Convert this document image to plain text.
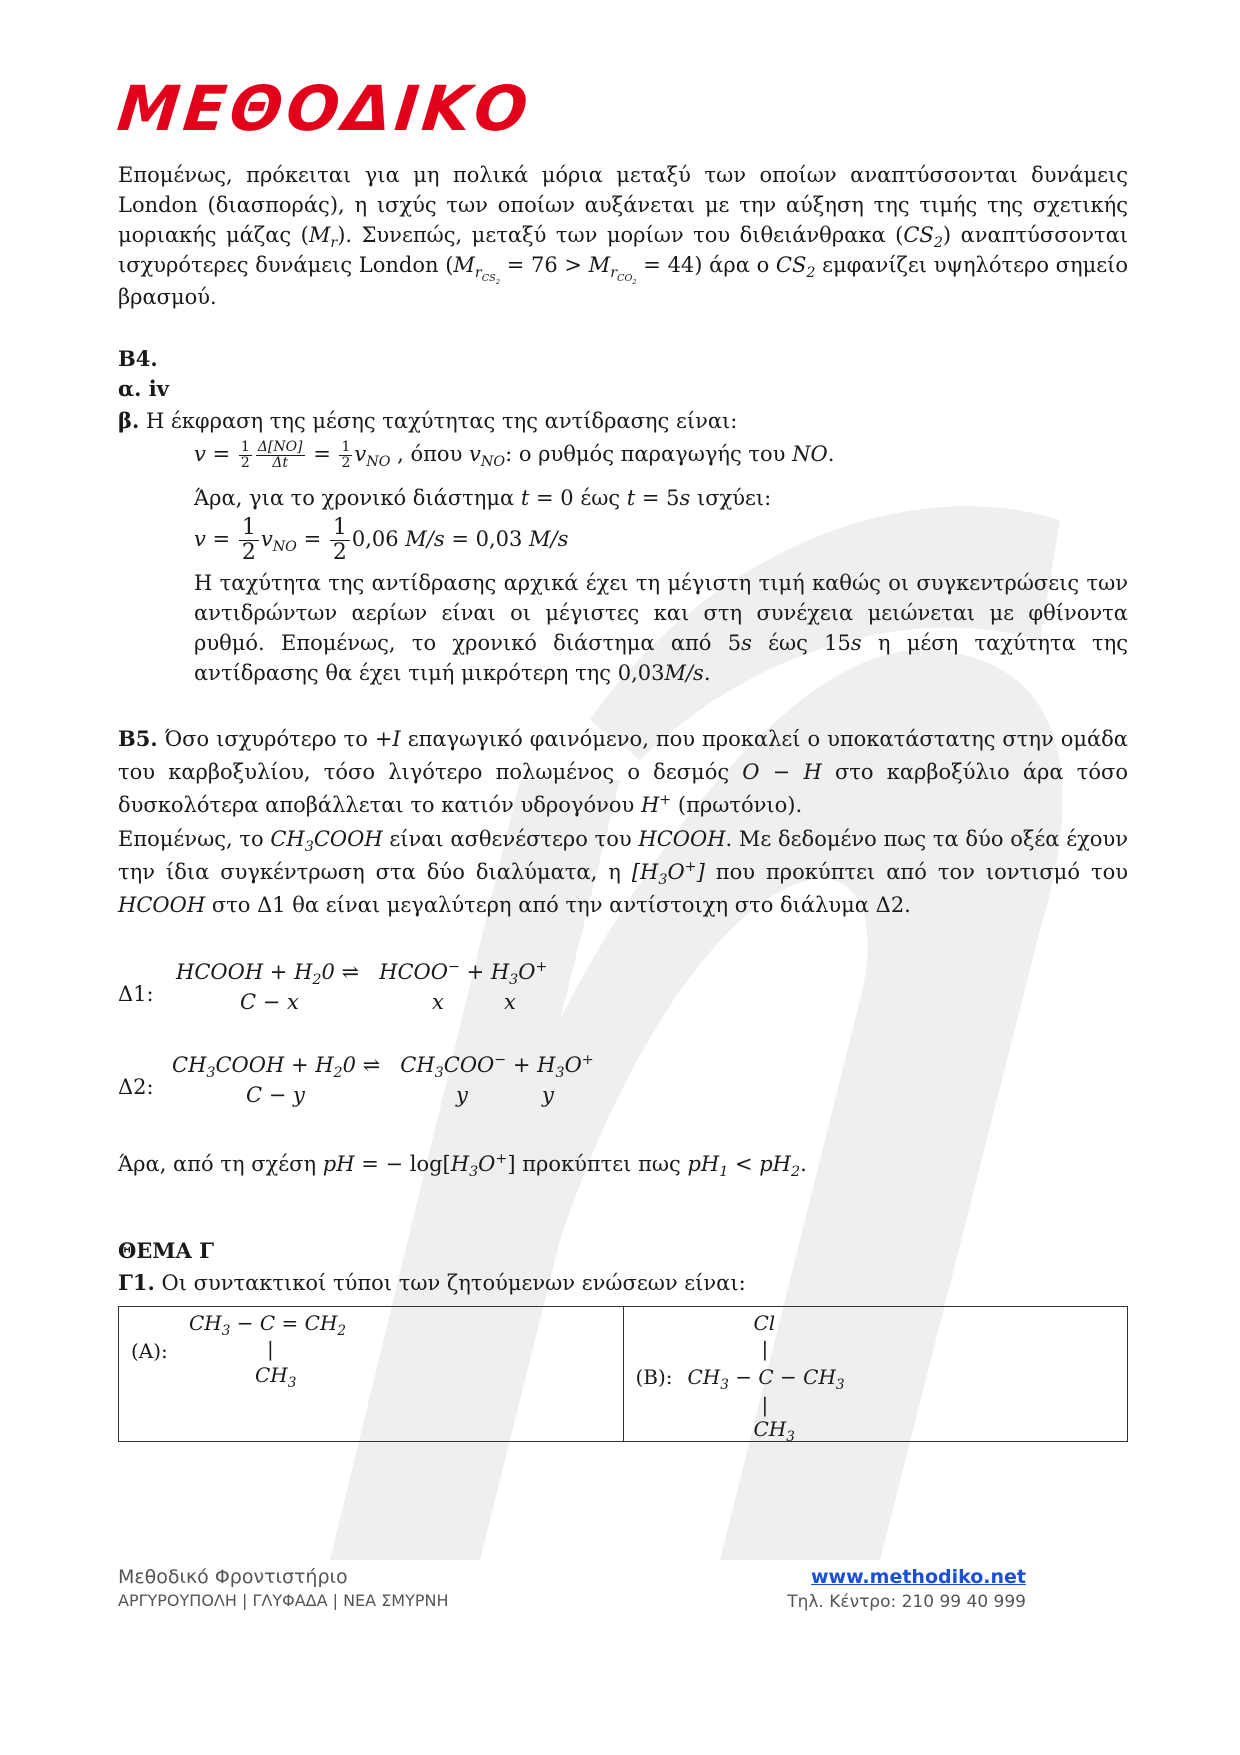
ΜΕΘΟΔΙΚΟ

Επομένως, πρόκειται για μη πολικά μόρια μεταξύ των οποίων αναπτύσσονται δυνάμεις London (διασποράς), η ισχύς των οποίων αυξάνεται με την αύξηση της τιμής της σχετικής μοριακής μάζας $(M_r)$. Συνεπώς, μεταξύ των μορίων του διθειάνθρακα $(CS_2)$ αναπτύσσονται ισχυρότερες δυνάμεις London $(M_{r_{CS_2}} = 76 > M_{r_{CO_2}} = 44)$ άρα ο $CS_2$ εμφανίζει υψηλότερο σημείο βρασμού.

Β4.
α. iv
β. Η έκφραση της μέσης ταχύτητας της αντίδρασης είναι:
$v = \frac{1}{2} \frac{\Delta[NO]}{\Delta t} = \frac{1}{2} v_{NO}$ , όπου $v_{NO}$: ο ρυθμός παραγωγής του NO.
Άρα, για το χρονικό διάστημα t = 0 έως t = 5s ισχύει:
$v = \frac{1}{2} v_{NO} = \frac{1}{2} 0,06$ M/s = 0,03 M/s

Η ταχύτητα της αντίδρασης αρχικά έχει τη μέγιστη τιμή καθώς οι συγκεντρώσεις των αντιδρώντων αερίων είναι οι μέγιστες και στη συνέχεια μειώνεται με φθίνοντα ρυθμό. Επομένως, το χρονικό διάστημα από 5s έως 15s η μέση ταχύτητα της αντίδρασης θα έχει τιμή μικρότερη της 0,03M/s.

Β5. Όσο ισχυρότερο το +I επαγωγικό φαινόμενο, που προκαλεί ο υποκατάστατης στην ομάδα του καρβοξυλίου, τόσο λιγότερο πολωμένος ο δεσμός O − H στο καρβοξύλιο άρα τόσο δυσκολότερα αποβάλλεται το κατιόν υδρογόνου H+ (πρωτόνιο).

Επομένως, το $CH_3COOH$ είναι ασθενέστερο του HCOOH. Με δεδομένο πως τα δύο οξέα έχουν την ίδια συγκέντρωση στα δύο διαλύματα, η $[H_3O^+]$ που προκύπτει από τον ιοντισμό του HCOOH στο Δ1 θα είναι μεγαλύτερη από την αντίστοιχη στο διάλυμα Δ2.

Δ1:
HCOOH + $H_20$ ⇌   HCOO− + $H_3O^+$
C − x	x	x
Δ2:
$CH_3COOH + H_20$ ⇌   $CH_3COO^- + H_3O^+$
C − y	y	y
Άρα, από τη σχέση pH = − $\log[H_3O^+]$ προκύπτει πως $pH_1 < pH_2$.
ΘΕΜΑ Γ
Γ1. Οι συντακτικοί τύποι των ζητούμενων ενώσεων είναι:
$CH_3 - C = CH_2$
(A):	|
$CH_3$

Cl
|
(B): $CH_3 - C - CH_3$
|
$CH_3$
Μεθοδικό Φροντιστήριο
ΑΡΓΥΡΟΥΠΟΛΗ | ΓΛΥΦΑΔΑ | ΝΕΑ ΣΜΥΡΝΗ
www.methodiko.net
Τηλ. Κέντρο: 210 99 40 999
